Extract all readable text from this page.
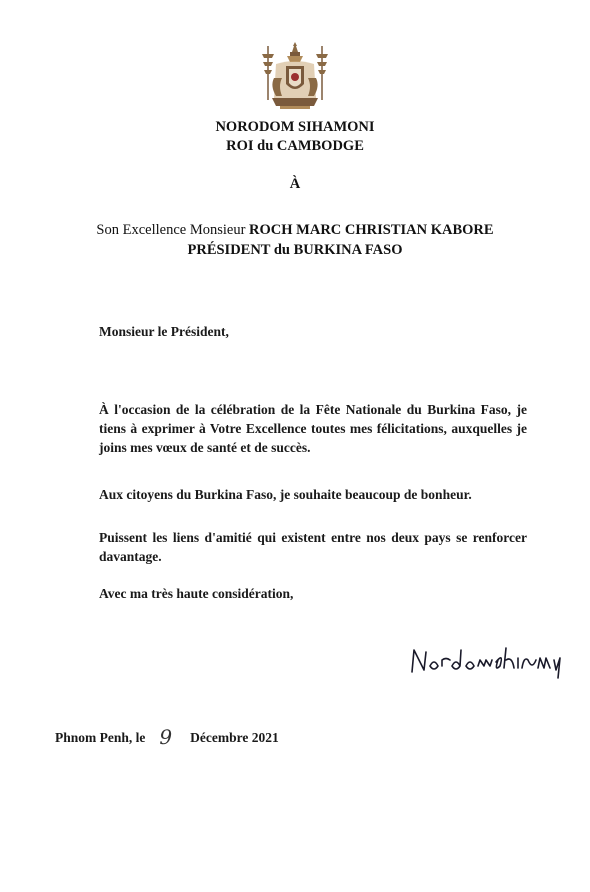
NORODOM SIHAMONI
ROI du CAMBODGE
À
Son Excellence Monsieur ROCH MARC CHRISTIAN KABORE
PRÉSIDENT du BURKINA FASO
Monsieur le Président,
À l'occasion de la célébration de la Fête Nationale du Burkina Faso, je tiens à exprimer à Votre Excellence toutes mes félicitations, auxquelles je joins mes vœux de santé et de succès.
Aux citoyens du Burkina Faso, je souhaite beaucoup de bonheur.
Puissent les liens d'amitié qui existent entre nos deux pays se renforcer davantage.
Avec ma très haute considération,
Phnom Penh, le 9 Décembre 2021
